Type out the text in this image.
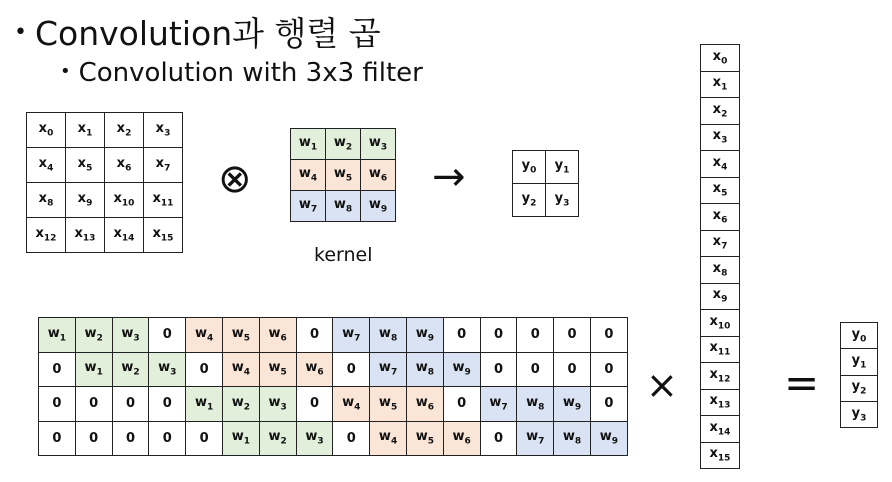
• Convolution과 행렬 곱
• Convolution with 3x3 filter
$x_0$	$x_1$	$x_2$	$x_3$
$x_4$	$x_5$	$x_6$	$x_7$
$x_8$	$x_9$	$x_{10}$	$x_{11}$
$x_{12}$	$x_{13}$	$x_{14}$	$x_{15}$
⊗
$w_1$	$w_2$	$w_3$
$w_4$	$w_5$	$w_6$
$w_7$	$w_8$	$w_9$
kernel
→	$y_0$	$y_1$
$y_2$	$y_3$
$w_1$	$w_2$	$w_3$	0	$w_4$	$w_5$	$w_6$	0	$w_7$	$w_8$	$w_9$	0	0	0	0	0
0	$w_1$	$w_2$	$w_3$	0	$w_4$	$w_5$	$w_6$	0	$w_7$	$w_8$	$w_9$	0	0	0	0
0	0	0	0	$w_1$	$w_2$	$w_3$	0	$w_4$	$w_5$	$w_6$	0	$w_7$	$w_8$	$w_9$	0
0	0	0	0	0	$w_1$	$w_2$	$w_3$	0	$w_4$	$w_5$	$w_6$	0	$w_7$	$w_8$	$w_9$
×
$x_0$
$x_1$
$x_2$
$x_3$
$x_4$
$x_5$
$x_6$
$x_7$
$x_8$
$x_9$
$x_{10}$
$x_{11}$
$x_{12}$
$x_{13}$
$x_{14}$
$x_{15}$
=
$y_0$
$y_1$
$y_2$
$y_3$
